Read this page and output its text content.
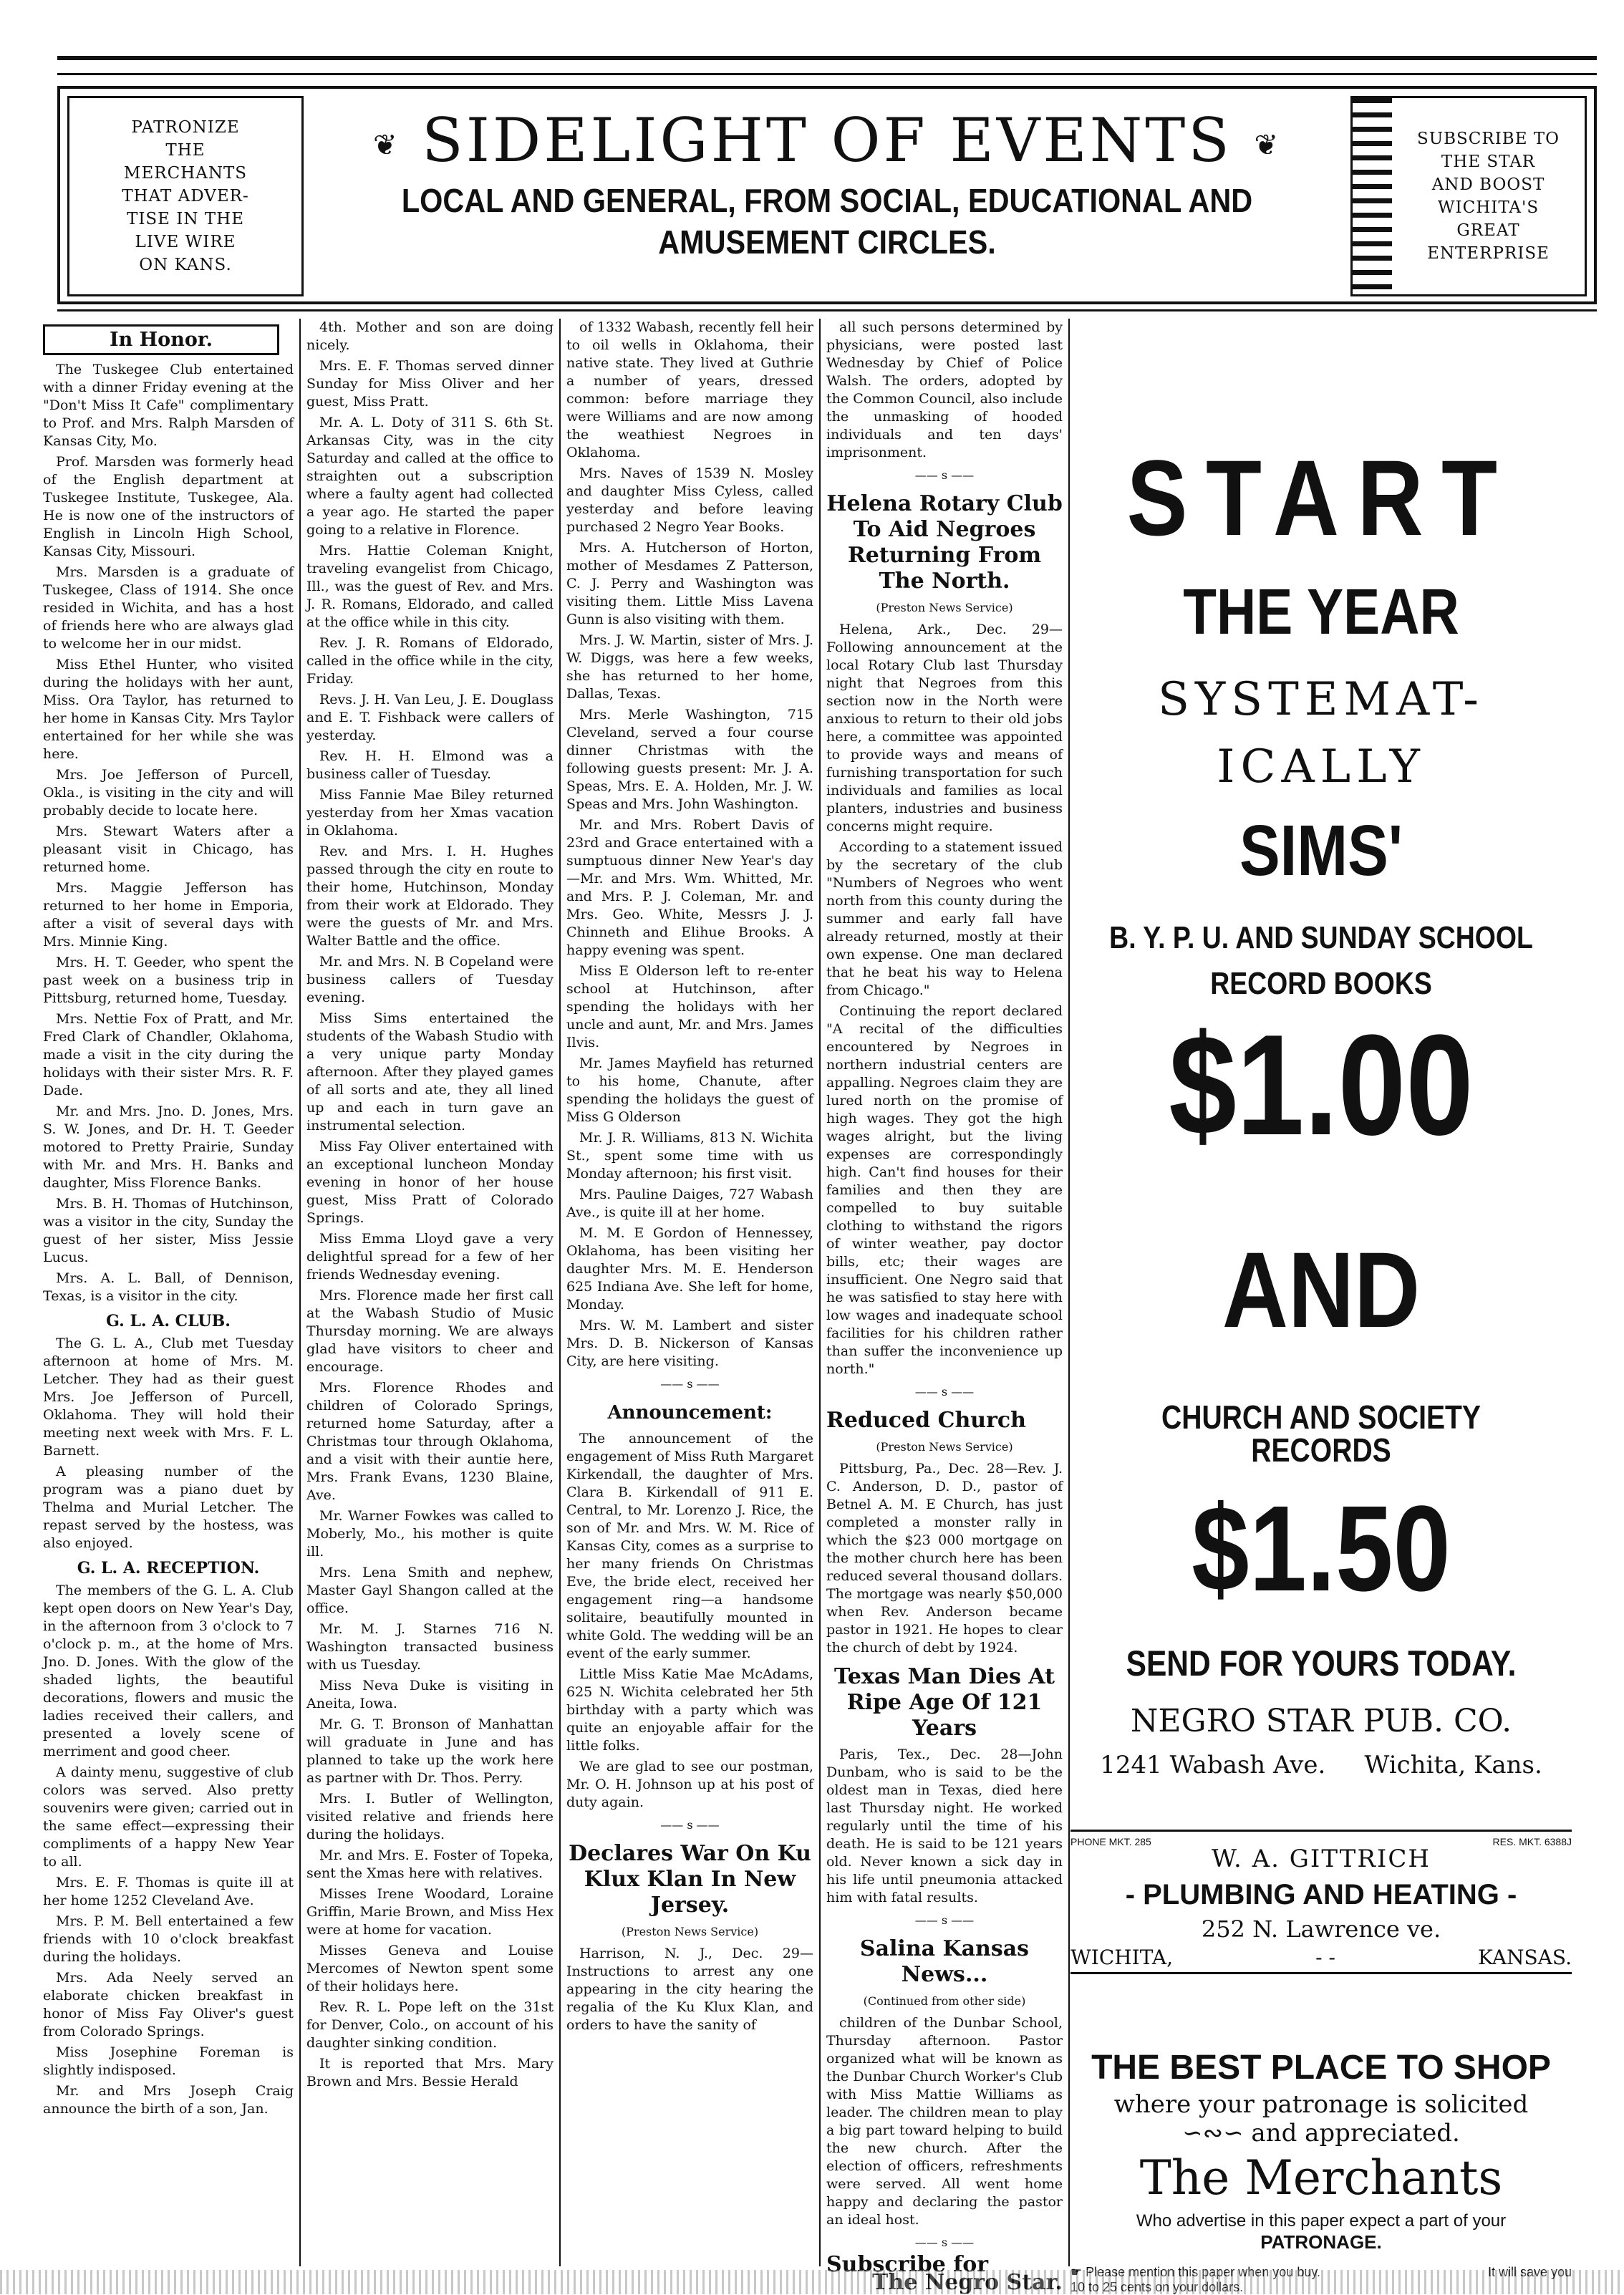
PATRONIZE
THE
MERCHANTS
THAT ADVER-
TISE IN THE
LIVE WIRE
ON KANS.
❦ SIDELIGHT OF EVENTS ❦
LOCAL AND GENERAL, FROM SOCIAL, EDUCATIONAL AND
AMUSEMENT CIRCLES.
SUBSCRIBE TO
THE STAR
AND BOOST
WICHITA'S
GREAT
ENTERPRISE
In Honor.

The Tuskegee Club entertained with a dinner Friday evening at the "Don't Miss It Cafe" complimentary to Prof. and Mrs. Ralph Marsden of Kansas City, Mo.

Prof. Marsden was formerly head of the English department at Tuskegee Institute, Tuskegee, Ala. He is now one of the instructors of English in Lincoln High School, Kansas City, Missouri.

Mrs. Marsden is a graduate of Tuskegee, Class of 1914. She once resided in Wichita, and has a host of friends here who are always glad to welcome her in our midst.

Miss Ethel Hunter, who visited during the holidays with her aunt, Miss. Ora Taylor, has returned to her home in Kansas City. Mrs Taylor entertained for her while she was here.

Mrs. Joe Jefferson of Purcell, Okla., is visiting in the city and will probably decide to locate here.

Mrs. Stewart Waters after a pleasant visit in Chicago, has returned home.

Mrs. Maggie Jefferson has returned to her home in Emporia, after a visit of several days with Mrs. Minnie King.

Mrs. H. T. Geeder, who spent the past week on a business trip in Pittsburg, returned home, Tuesday.

Mrs. Nettie Fox of Pratt, and Mr. Fred Clark of Chandler, Oklahoma, made a visit in the city during the holidays with their sister Mrs. R. F. Dade.

Mr. and Mrs. Jno. D. Jones, Mrs. S. W. Jones, and Dr. H. T. Geeder motored to Pretty Prairie, Sunday with Mr. and Mrs. H. Banks and daughter, Miss Florence Banks.

Mrs. B. H. Thomas of Hutchinson, was a visitor in the city, Sunday the guest of her sister, Miss Jessie Lucus.

Mrs. A. L. Ball, of Dennison, Texas, is a visitor in the city.

G. L. A. CLUB.

The G. L. A., Club met Tuesday afternoon at home of Mrs. M. Letcher. They had as their guest Mrs. Joe Jefferson of Purcell, Oklahoma. They will hold their meeting next week with Mrs. F. L. Barnett.

A pleasing number of the program was a piano duet by Thelma and Murial Letcher. The repast served by the hostess, was also enjoyed.

G. L. A. RECEPTION.

The members of the G. L. A. Club kept open doors on New Year's Day, in the afternoon from 3 o'clock to 7 o'clock p. m., at the home of Mrs. Jno. D. Jones. With the glow of the shaded lights, the beautiful decorations, flowers and music the ladies received their callers, and presented a lovely scene of merriment and good cheer.

A dainty menu, suggestive of club colors was served. Also pretty souvenirs were given; carried out in the same effect—expressing their compliments of a happy New Year to all.

Mrs. E. F. Thomas is quite ill at her home 1252 Cleveland Ave.

Mrs. P. M. Bell entertained a few friends with 10 o'clock breakfast during the holidays.

Mrs. Ada Neely served an elaborate chicken breakfast in honor of Miss Fay Oliver's guest from Colorado Springs.

Miss Josephine Foreman is slightly indisposed.

Mr. and Mrs Joseph Craig announce the birth of a son, Jan.

4th. Mother and son are doing nicely.

Mrs. E. F. Thomas served dinner Sunday for Miss Oliver and her guest, Miss Pratt.

Mr. A. L. Doty of 311 S. 6th St. Arkansas City, was in the city Saturday and called at the office to straighten out a subscription where a faulty agent had collected a year ago. He started the paper going to a relative in Florence.

Mrs. Hattie Coleman Knight, traveling evangelist from Chicago, Ill., was the guest of Rev. and Mrs. J. R. Romans, Eldorado, and called at the office while in this city.

Rev. J. R. Romans of Eldorado, called in the office while in the city, Friday.

Revs. J. H. Van Leu, J. E. Douglass and E. T. Fishback were callers of yesterday.

Rev. H. H. Elmond was a business caller of Tuesday.

Miss Fannie Mae Biley returned yesterday from her Xmas vacation in Oklahoma.

Rev. and Mrs. I. H. Hughes passed through the city en route to their home, Hutchinson, Monday from their work at Eldorado. They were the guests of Mr. and Mrs. Walter Battle and the office.

Mr. and Mrs. N. B Copeland were business callers of Tuesday evening.

Miss Sims entertained the students of the Wabash Studio with a very unique party Monday afternoon. After they played games of all sorts and ate, they all lined up and each in turn gave an instrumental selection.

Miss Fay Oliver entertained with an exceptional luncheon Monday evening in honor of her house guest, Miss Pratt of Colorado Springs.

Miss Emma Lloyd gave a very delightful spread for a few of her friends Wednesday evening.

Mrs. Florence made her first call at the Wabash Studio of Music Thursday morning. We are always glad have visitors to cheer and encourage.

Mrs. Florence Rhodes and children of Colorado Springs, returned home Saturday, after a Christmas tour through Oklahoma, and a visit with their auntie here, Mrs. Frank Evans, 1230 Blaine, Ave.

Mr. Warner Fowkes was called to Moberly, Mo., his mother is quite ill.

Mrs. Lena Smith and nephew, Master Gayl Shangon called at the office.

Mr. M. J. Starnes 716 N. Washington transacted business with us Tuesday.

Miss Neva Duke is visiting in Aneita, Iowa.

Mr. G. T. Bronson of Manhattan will graduate in June and has planned to take up the work here as partner with Dr. Thos. Perry.

Mrs. I. Butler of Wellington, visited relative and friends here during the holidays.

Mr. and Mrs. E. Foster of Topeka, sent the Xmas here with relatives.

Misses Irene Woodard, Loraine Griffin, Marie Brown, and Miss Hex were at home for vacation.

Misses Geneva and Louise Mercomes of Newton spent some of their holidays here.

Rev. R. L. Pope left on the 31st for Denver, Colo., on account of his daughter sinking condition.

It is reported that Mrs. Mary Brown and Mrs. Bessie Herald

of 1332 Wabash, recently fell heir to oil wells in Oklahoma, their native state. They lived at Guthrie a number of years, dressed common: before marriage they were Williams and are now among the weathiest Negroes in Oklahoma.

Mrs. Naves of 1539 N. Mosley and daughter Miss Cyless, called yesterday and before leaving purchased 2 Negro Year Books.

Mrs. A. Hutcherson of Horton, mother of Mesdames Z Patterson, C. J. Perry and Washington was visiting them. Little Miss Lavena Gunn is also visiting with them.

Mrs. J. W. Martin, sister of Mrs. J. W. Diggs, was here a few weeks, she has returned to her home, Dallas, Texas.

Mrs. Merle Washington, 715 Cleveland, served a four course dinner Christmas with the following guests present: Mr. J. A. Speas, Mrs. E. A. Holden, Mr. J. W. Speas and Mrs. John Washington.

Mr. and Mrs. Robert Davis of 23rd and Grace entertained with a sumptuous dinner New Year's day—Mr. and Mrs. Wm. Whitted, Mr. and Mrs. P. J. Coleman, Mr. and Mrs. Geo. White, Messrs J. J. Chinneth and Elihue Brooks. A happy evening was spent.

Miss E Olderson left to re-enter school at Hutchinson, after spending the holidays with her uncle and aunt, Mr. and Mrs. James Ilvis.

Mr. James Mayfield has returned to his home, Chanute, after spending the holidays the guest of Miss G Olderson

Mr. J. R. Williams, 813 N. Wichita St., spent some time with us Monday afternoon; his first visit.

Mrs. Pauline Daiges, 727 Wabash Ave., is quite ill at her home.

M. M. E Gordon of Hennessey, Oklahoma, has been visiting her daughter Mrs. M. E. Henderson 625 Indiana Ave. She left for home, Monday.

Mrs. W. M. Lambert and sister Mrs. D. B. Nickerson of Kansas City, are here visiting.

—— s ——
Announcement:

The announcement of the engagement of Miss Ruth Margaret Kirkendall, the daughter of Mrs. Clara B. Kirkendall of 911 E. Central, to Mr. Lorenzo J. Rice, the son of Mr. and Mrs. W. M. Rice of Kansas City, comes as a surprise to her many friends On Christmas Eve, the bride elect, received her engagement ring—a handsome solitaire, beautifully mounted in white Gold. The wedding will be an event of the early summer.

Little Miss Katie Mae McAdams, 625 N. Wichita celebrated her 5th birthday with a party which was quite an enjoyable affair for the little folks.

We are glad to see our postman, Mr. O. H. Johnson up at his post of duty again.

—— s ——
Declares War On Ku Klux Klan In New Jersey.
(Preston News Service)

Harrison, N. J., Dec. 29—Instructions to arrest any one appearing in the city hearing the regalia of the Ku Klux Klan, and orders to have the sanity of

all such persons determined by physicians, were posted last Wednesday by Chief of Police Walsh. The orders, adopted by the Common Council, also include the unmasking of hooded individuals and ten days' imprisonment.

—— s ——
Helena Rotary Club To Aid Negroes Returning From The North.
(Preston News Service)

Helena, Ark., Dec. 29—Following announcement at the local Rotary Club last Thursday night that Negroes from this section now in the North were anxious to return to their old jobs here, a committee was appointed to provide ways and means of furnishing transportation for such individuals and families as local planters, industries and business concerns might require.

According to a statement issued by the secretary of the club "Numbers of Negroes who went north from this county during the summer and early fall have already returned, mostly at their own expense. One man declared that he beat his way to Helena from Chicago."

Continuing the report declared "A recital of the difficulties encountered by Negroes in northern industrial centers are appalling. Negroes claim they are lured north on the promise of high wages. They got the high wages alright, but the living expenses are correspondingly high. Can't find houses for their families and then they are compelled to buy suitable clothing to withstand the rigors of winter weather, pay doctor bills, etc; their wages are insufficient. One Negro said that he was satisfied to stay here with low wages and inadequate school facilities for his children rather than suffer the inconvenience up north."

—— s ——
Reduced Church
(Preston News Service)

Pittsburg, Pa., Dec. 28—Rev. J. C. Anderson, D. D., pastor of Betnel A. M. E Church, has just completed a monster rally in which the $23 000 mortgage on the mother church here has been reduced several thousand dollars. The mortgage was nearly $50,000 when Rev. Anderson became pastor in 1921. He hopes to clear the church of debt by 1924.

Texas Man Dies At Ripe Age Of 121 Years

Paris, Tex., Dec. 28—John Dunbam, who is said to be the oldest man in Texas, died here last Thursday night. He worked regularly until the time of his death. He is said to be 121 years old. Never known a sick day in his life until pneumonia attacked him with fatal results.

—— s ——
Salina Kansas News...
(Continued from other side)

children of the Dunbar School, Thursday afternoon. Pastor organized what will be known as the Dunbar Church Worker's Club with Miss Mattie Williams as leader. The children mean to play a big part toward helping to build the new church. After the election of officers, refreshments were served. All went home happy and declaring the pastor an ideal host.

—— s ——
Subscribe for
The Negro Star.
START
THE YEAR
SYSTEMAT-
ICALLY
SIMS'
B. Y. P. U. AND SUNDAY SCHOOL
RECORD BOOKS
$1.00
AND
CHURCH AND SOCIETY RECORDS
$1.50
SEND FOR YOURS TODAY.
NEGRO STAR PUB. CO.
1241 Wabash Ave.     Wichita, Kans.
PHONE MKT. 285	RES. MKT. 6388J
W. A. GITTRICH
- PLUMBING AND HEATING -
252 N. Lawrence ve.
WICHITA,	- -	KANSAS.
THE BEST PLACE TO SHOP
where your patronage is solicited
∽∾∽ and appreciated.
The Merchants
Who advertise in this paper expect a part of your
PATRONAGE.
☛ Please mention this paper when you buy.	It will save you
10 to 25 cents on your dollars.
